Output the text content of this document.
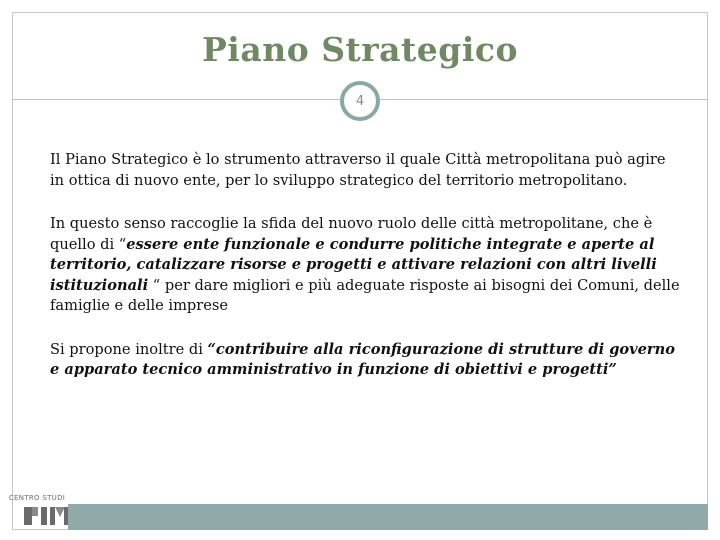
Piano Strategico
4

Il Piano Strategico è lo strumento attraverso il quale Città metropolitana può agire in ottica di nuovo ente, per lo sviluppo strategico del territorio metropolitano.

In questo senso raccoglie la sfida del nuovo ruolo delle città metropolitane, che è quello di “essere ente funzionale e condurre politiche integrate e aperte al territorio, catalizzare risorse e progetti e attivare relazioni con altri livelli istituzionali “ per dare migliori e più adeguate risposte ai bisogni dei Comuni, delle famiglie e delle imprese

Si propone inoltre di “contribuire alla riconfigurazione di strutture di governo e apparato tecnico amministrativo in funzione di obiettivi e progetti”

CENTRO STUDI
